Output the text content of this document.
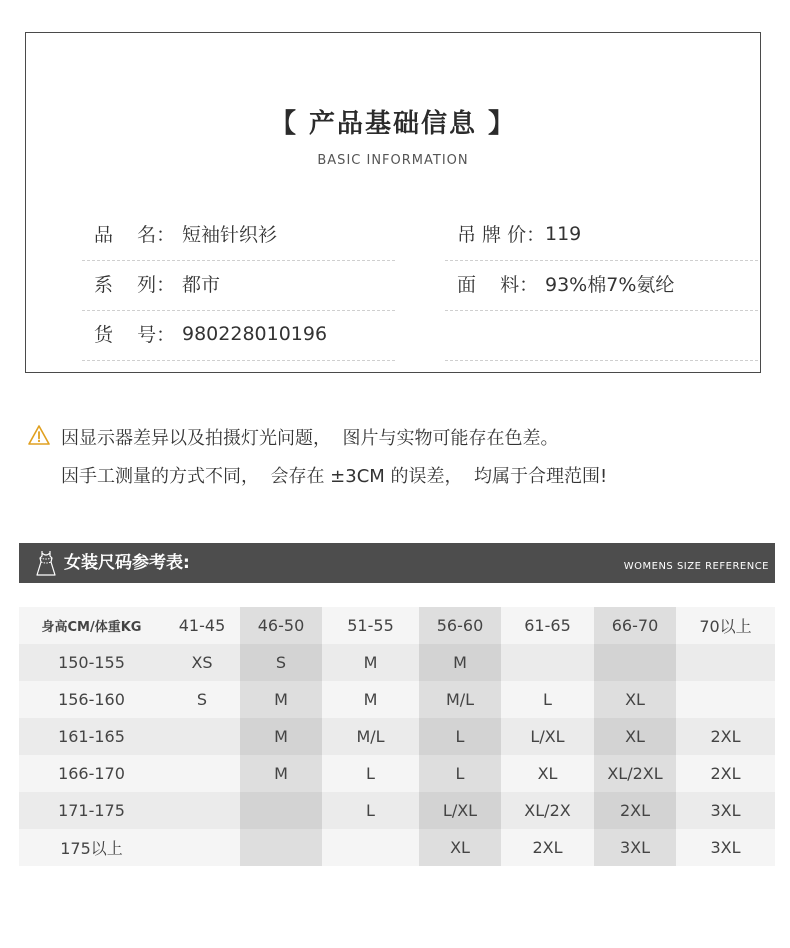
【 产品基础信息 】
BASIC INFORMATION
品    名： 短袖针织衫
系    列： 都市
货    号： 980228010196
吊 牌 价： 119
面    料： 93%棉7%氨纶
因显示器差异以及拍摄灯光问题，  图片与实物可能存在色差。
因手工测量的方式不同，  会存在 ±3CM 的误差，  均属于合理范围!
女装尺码参考表:	WOMENS SIZE REFERENCE
身高CM/体重KG	41-45	46-50	51-55	56-60	61-65	66-70	70以上
150-155	XS	S	M	M			
156-160	S	M	M	M/L	L	XL	
161-165		M	M/L	L	L/XL	XL	2XL
166-170		M	L	L	XL	XL/2XL	2XL
171-175			L	L/XL	XL/2X	2XL	3XL
175以上				XL	2XL	3XL	3XL
